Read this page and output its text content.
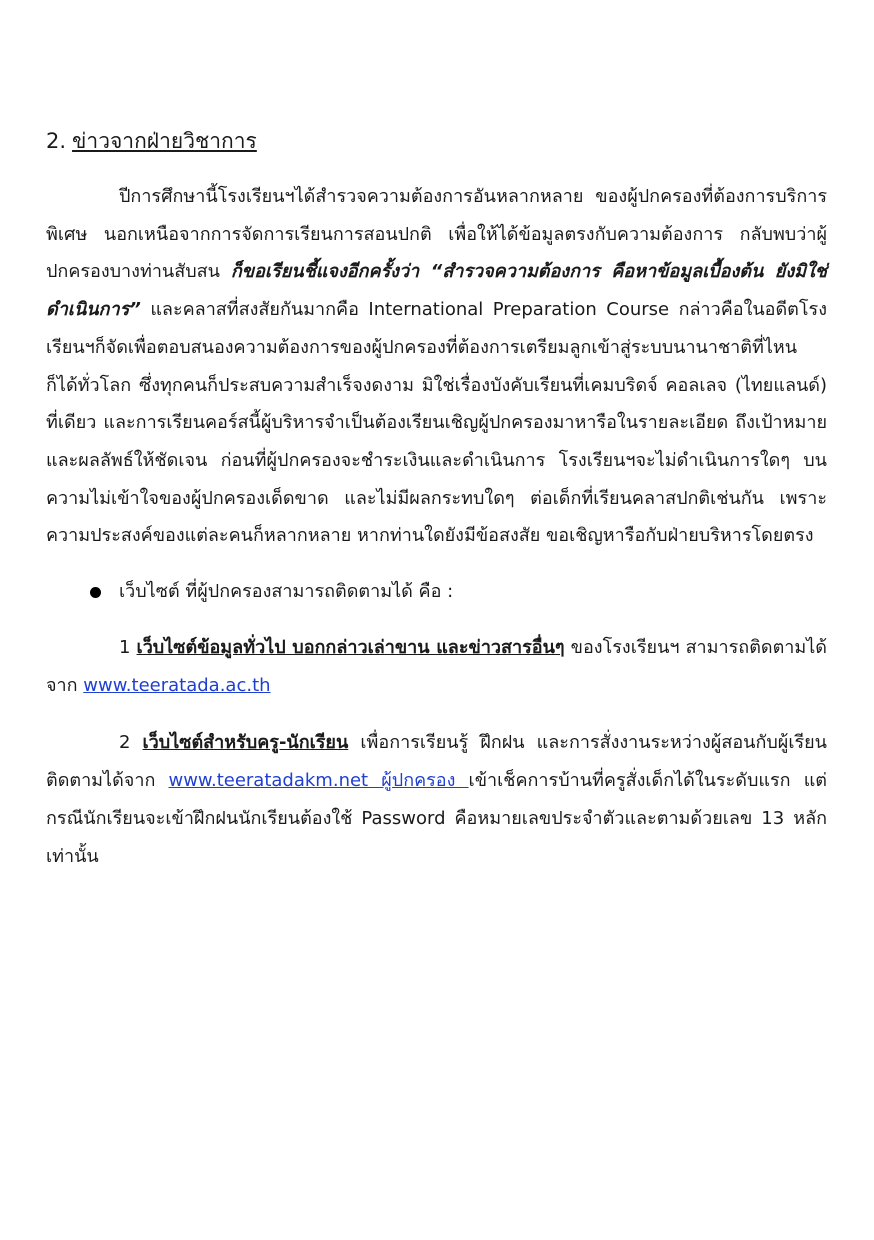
2. ข่าวจากฝ่ายวิชาการ

ปีการศึกษานี้โรงเรียนฯได้สำรวจความต้องการอันหลากหลาย ของผู้ปกครองที่ต้องการบริการพิเศษ นอกเหนือจากการจัดการเรียนการสอนปกติ เพื่อให้ได้ข้อมูลตรงกับความต้องการ กลับพบว่าผู้ปกครองบางท่านสับสน ก็ขอเรียนชี้แจงอีกครั้งว่า “สำรวจความต้องการ คือหาข้อมูลเบื้องต้น ยังมิใช่ดำเนินการ” และคลาสที่สงสัยกันมากคือ International Preparation Course กล่าวคือในอดีตโรงเรียนฯก็จัดเพื่อตอบสนองความต้องการของผู้ปกครองที่ต้องการเตรียมลูกเข้าสู่ระบบนานาชาติที่ไหนก็ได้ทั่วโลก ซึ่งทุกคนก็ประสบความสำเร็จงดงาม มิใช่เรื่องบังคับเรียนที่เคมบริดจ์ คอลเลจ (ไทยแลนด์) ที่เดียว และการเรียนคอร์สนี้ผู้บริหารจำเป็นต้องเรียนเชิญผู้ปกครองมาหารือในรายละเอียด ถึงเป้าหมายและผลลัพธ์ให้ชัดเจน ก่อนที่ผู้ปกครองจะชำระเงินและดำเนินการ โรงเรียนฯจะไม่ดำเนินการใดๆ บนความไม่เข้าใจของผู้ปกครองเด็ดขาด และไม่มีผลกระทบใดๆ ต่อเด็กที่เรียนคลาสปกติเช่นกัน เพราะความประสงค์ของแต่ละคนก็หลากหลาย หากท่านใดยังมีข้อสงสัย ขอเชิญหารือกับฝ่ายบริหารโดยตรง

เว็บไซต์ ที่ผู้ปกครองสามารถติดตามได้ คือ :

1 เว็บไซต์ข้อมูลทั่วไป บอกกล่าวเล่าขาน และข่าวสารอื่นๆ ของโรงเรียนฯ สามารถติดตามได้จาก www.teeratada.ac.th

2 เว็บไซต์สำหรับครู-นักเรียน เพื่อการเรียนรู้ ฝึกฝน และการสั่งงานระหว่างผู้สอนกับผู้เรียน ติดตามได้จาก www.teeratadakm.net ผู้ปกครอง เข้าเช็คการบ้านที่ครูสั่งเด็กได้ในระดับแรก แต่กรณีนักเรียนจะเข้าฝึกฝนนักเรียนต้องใช้ Password คือหมายเลขประจำตัวและตามด้วยเลข 13 หลักเท่านั้น
